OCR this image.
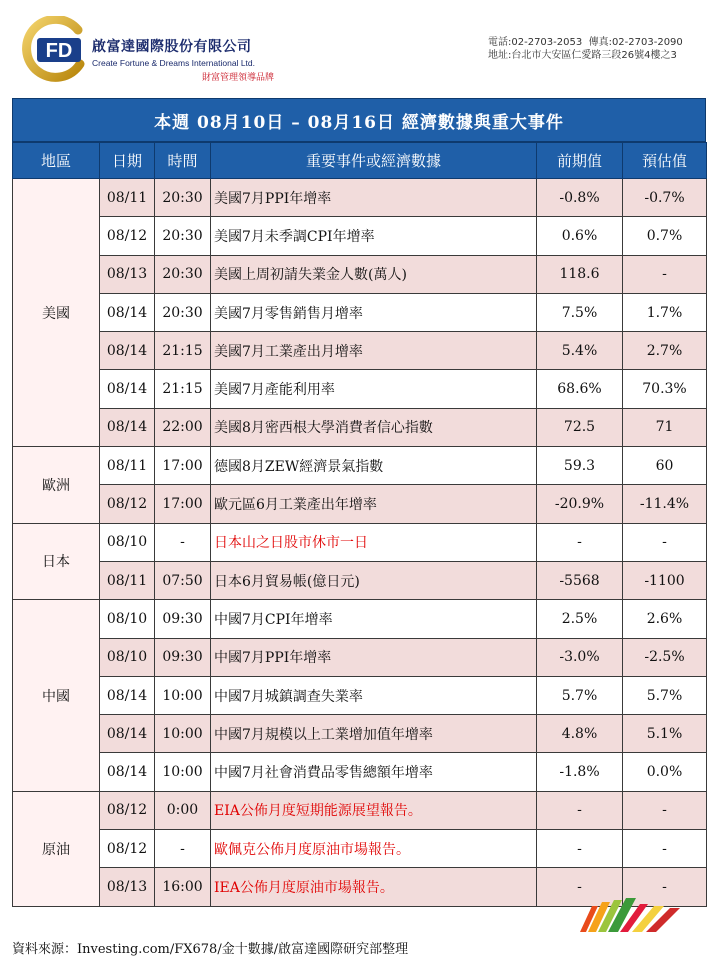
FD 啟富達國際股份有限公司
Create Fortune & Dreams International Ltd.
財富管理領導品牌
電話:02-2703-2053 傳真:02-2703-2090
地址:台北市大安區仁愛路三段26號4樓之3
本週 08月10日 – 08月16日 經濟數據與重大事件
地區	日期	時間	重要事件或經濟數據	前期值	預估值
美國	08/11	20:30	美國7月PPI年增率	-0.8%	-0.7%
	08/12	20:30	美國7月未季調CPI年增率	0.6%	0.7%
	08/13	20:30	美國上周初請失業金人數(萬人)	118.6	-
	08/14	20:30	美國7月零售銷售月增率	7.5%	1.7%
	08/14	21:15	美國7月工業產出月增率	5.4%	2.7%
	08/14	21:15	美國7月產能利用率	68.6%	70.3%
	08/14	22:00	美國8月密西根大學消費者信心指數	72.5	71
歐洲	08/11	17:00	德國8月ZEW經濟景氣指數	59.3	60
	08/12	17:00	歐元區6月工業產出年增率	-20.9%	-11.4%
日本	08/10	-	日本山之日股市休市一日	-	-
	08/11	07:50	日本6月貿易帳(億日元)	-5568	-1100
中國	08/10	09:30	中國7月CPI年增率	2.5%	2.6%
	08/10	09:30	中國7月PPI年增率	-3.0%	-2.5%
	08/14	10:00	中國7月城鎮調查失業率	5.7%	5.7%
	08/14	10:00	中國7月規模以上工業增加值年增率	4.8%	5.1%
	08/14	10:00	中國7月社會消費品零售總額年增率	-1.8%	0.0%
原油	08/12	0:00	EIA公佈月度短期能源展望報告。	-	-
	08/12	-	歐佩克公佈月度原油市場報告。	-	-
	08/13	16:00	IEA公佈月度原油市場報告。	-	-
資料來源：Investing.com/FX678/金十數據/啟富達國際研究部整理
